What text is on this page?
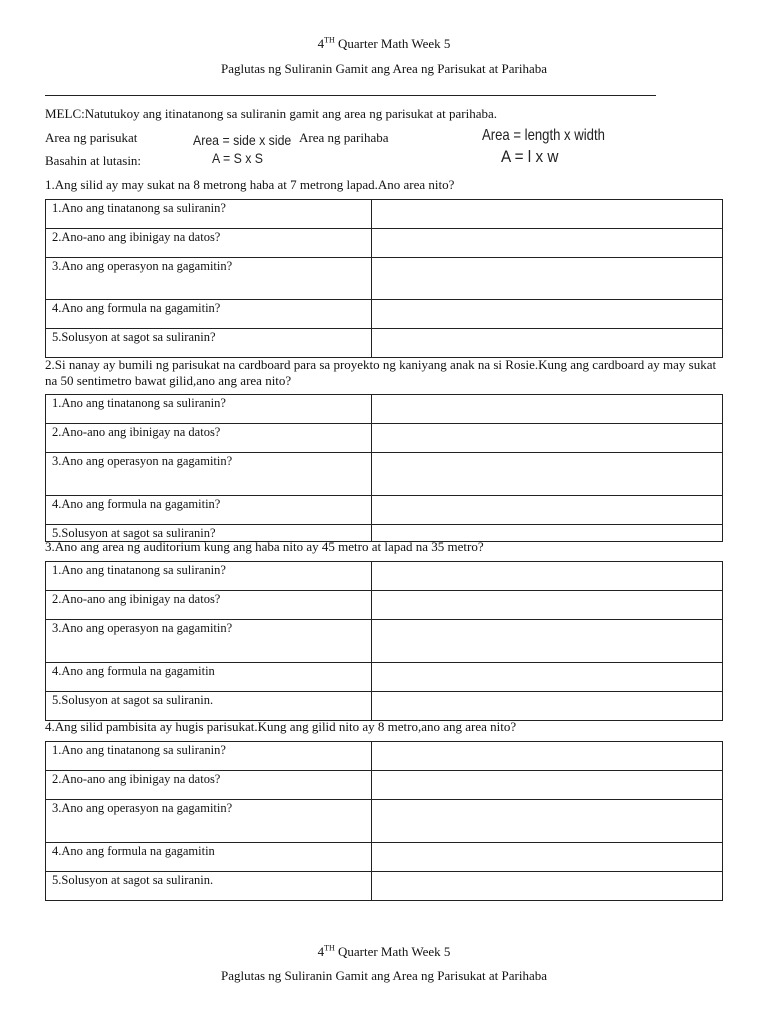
4TH Quarter Math Week 5
Paglutas ng Suliranin Gamit ang Area ng Parisukat at Parihaba
MELC:Natutukoy ang itinatanong sa suliranin gamit ang area ng parisukat at parihaba.
Area ng parisukat	Area = side x side Area ng parihaba	Area = length x width
Basahin at lutasin:	A = S x S	A = l x w
1.Ang silid ay may sukat na 8 metrong haba at 7 metrong lapad.Ano area nito?
1.Ano ang tinatanong sa suliranin?	
2.Ano-ano ang ibinigay na datos?	
3.Ano ang operasyon na gagamitin?	
4.Ano ang formula na gagamitin?	
5.Solusyon at sagot sa suliranin?	
2.Si nanay ay bumili ng parisukat na cardboard para sa proyekto ng kaniyang anak na si Rosie.Kung ang cardboard ay may sukat na 50 sentimetro bawat gilid,ano ang area nito?
1.Ano ang tinatanong sa suliranin?	
2.Ano-ano ang ibinigay na datos?	
3.Ano ang operasyon na gagamitin?	
4.Ano ang formula na gagamitin?	
5.Solusyon at sagot sa suliranin?	
3.Ano ang area ng auditorium kung ang haba nito ay 45 metro at lapad na 35 metro?
1.Ano ang tinatanong sa suliranin?	
2.Ano-ano ang ibinigay na datos?	
3.Ano ang operasyon na gagamitin?	
4.Ano ang formula na gagamitin	
5.Solusyon at sagot sa suliranin.	
4.Ang silid pambisita ay hugis parisukat.Kung ang gilid nito ay 8 metro,ano ang area nito?
1.Ano ang tinatanong sa suliranin?	
2.Ano-ano ang ibinigay na datos?	
3.Ano ang operasyon na gagamitin?	
4.Ano ang formula na gagamitin	
5.Solusyon at sagot sa suliranin.	
4TH Quarter Math Week 5
Paglutas ng Suliranin Gamit ang Area ng Parisukat at Parihaba
